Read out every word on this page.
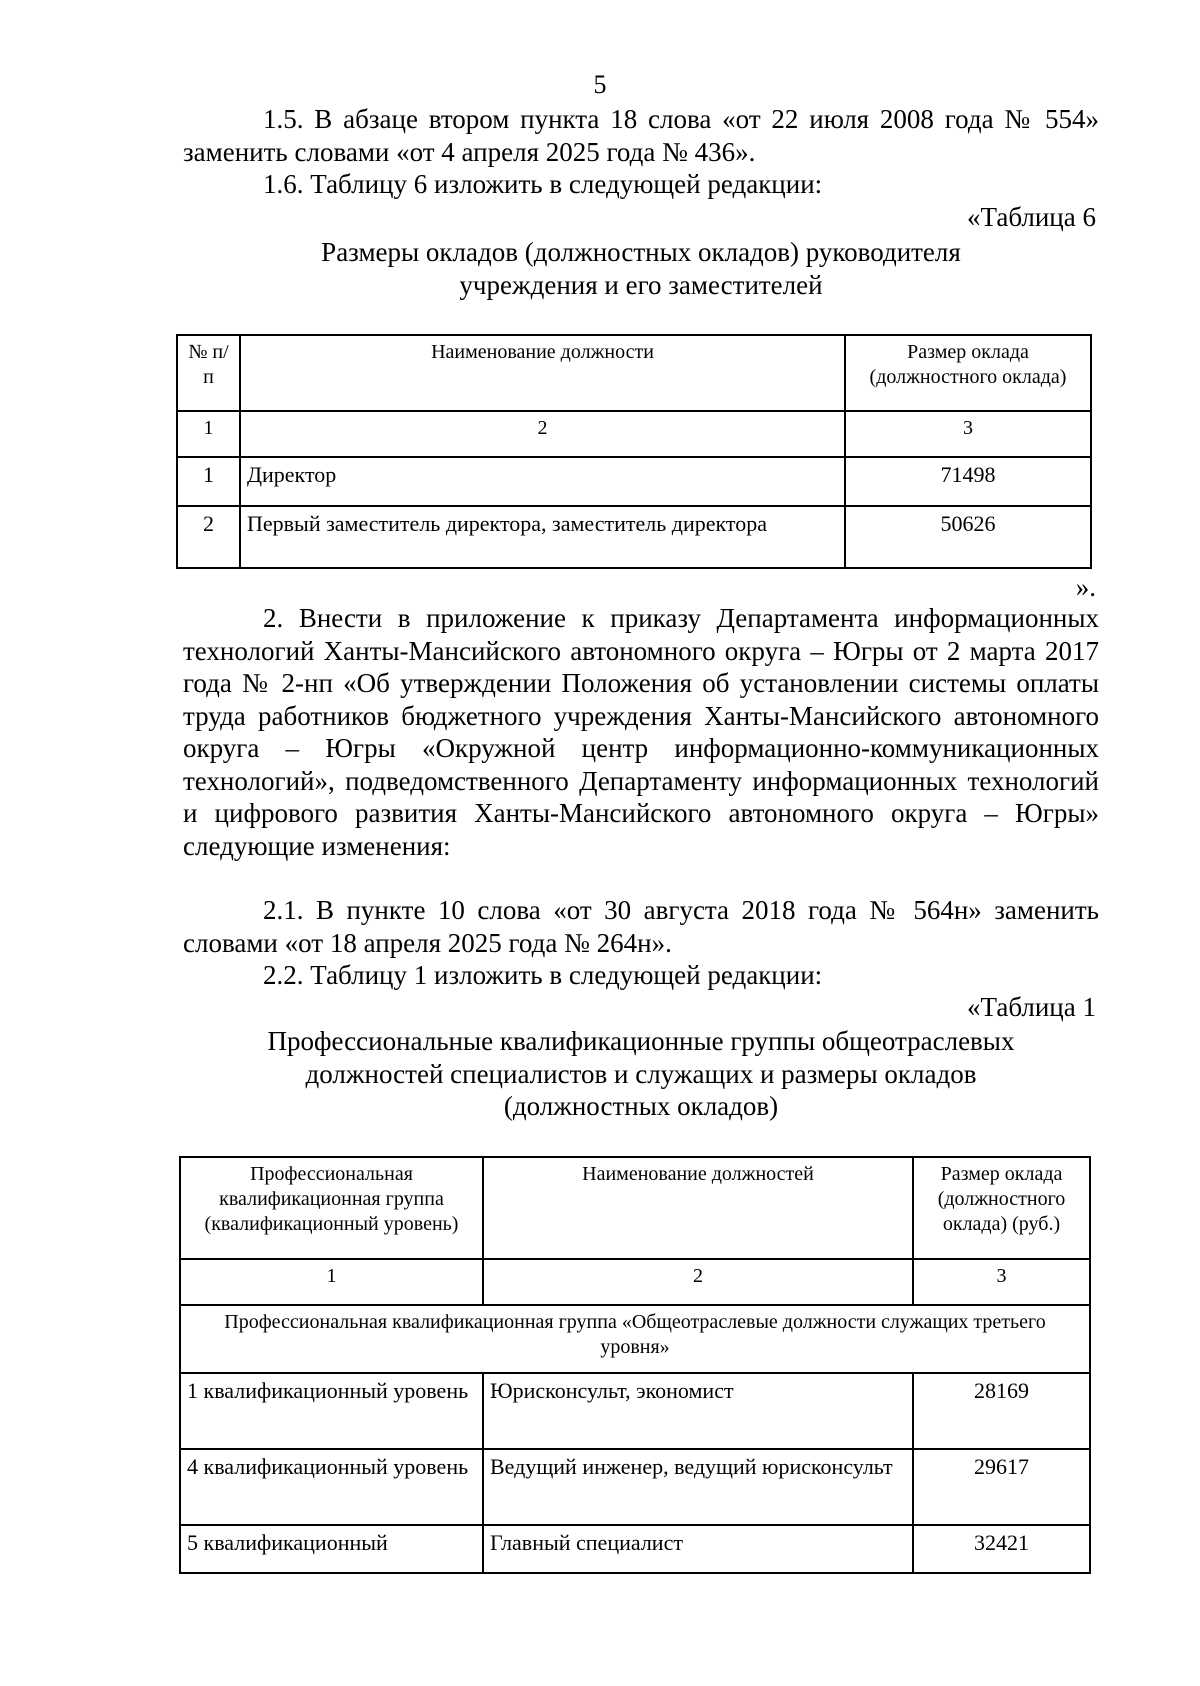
5
1.5. В абзаце втором пункта 18 слова «от 22 июля 2008 года № 554» заменить словами «от 4 апреля 2025 года № 436».
1.6. Таблицу 6 изложить в следующей редакции:
«Таблица 6
Размеры окладов (должностных окладов) руководителя
учреждения и его заместителей
№ п/п	Наименование должности	Размер оклада (должностного оклада)
1	2	3
1	Директор	71498
2	Первый заместитель директора, заместитель директора	50626
».
2. Внести в приложение к приказу Департамента информационных технологий Ханты-Мансийского автономного округа – Югры от 2 марта 2017 года № 2-нп «Об утверждении Положения об установлении системы оплаты труда работников бюджетного учреждения Ханты-Мансийского автономного округа – Югры «Окружной центр информационно-коммуникационных технологий», подведомственного Департаменту информационных технологий и цифрового развития Ханты-Мансийского автономного округа – Югры» следующие изменения:
2.1. В пункте 10 слова «от 30 августа 2018 года № 564н» заменить словами «от 18 апреля 2025 года № 264н».
2.2. Таблицу 1 изложить в следующей редакции:
«Таблица 1
Профессиональные квалификационные группы общеотраслевых
должностей специалистов и служащих и размеры окладов
(должностных окладов)
Профессиональная квалификационная группа (квалификационный уровень)	Наименование должностей	Размер оклада (должностного оклада) (руб.)
1	2	3
Профессиональная квалификационная группа «Общеотраслевые должности служащих третьего уровня»		
1 квалификационный уровень	Юрисконсульт, экономист	28169
4 квалификационный уровень	Ведущий инженер, ведущий юрисконсульт	29617
5 квалификационный	Главный специалист	32421
